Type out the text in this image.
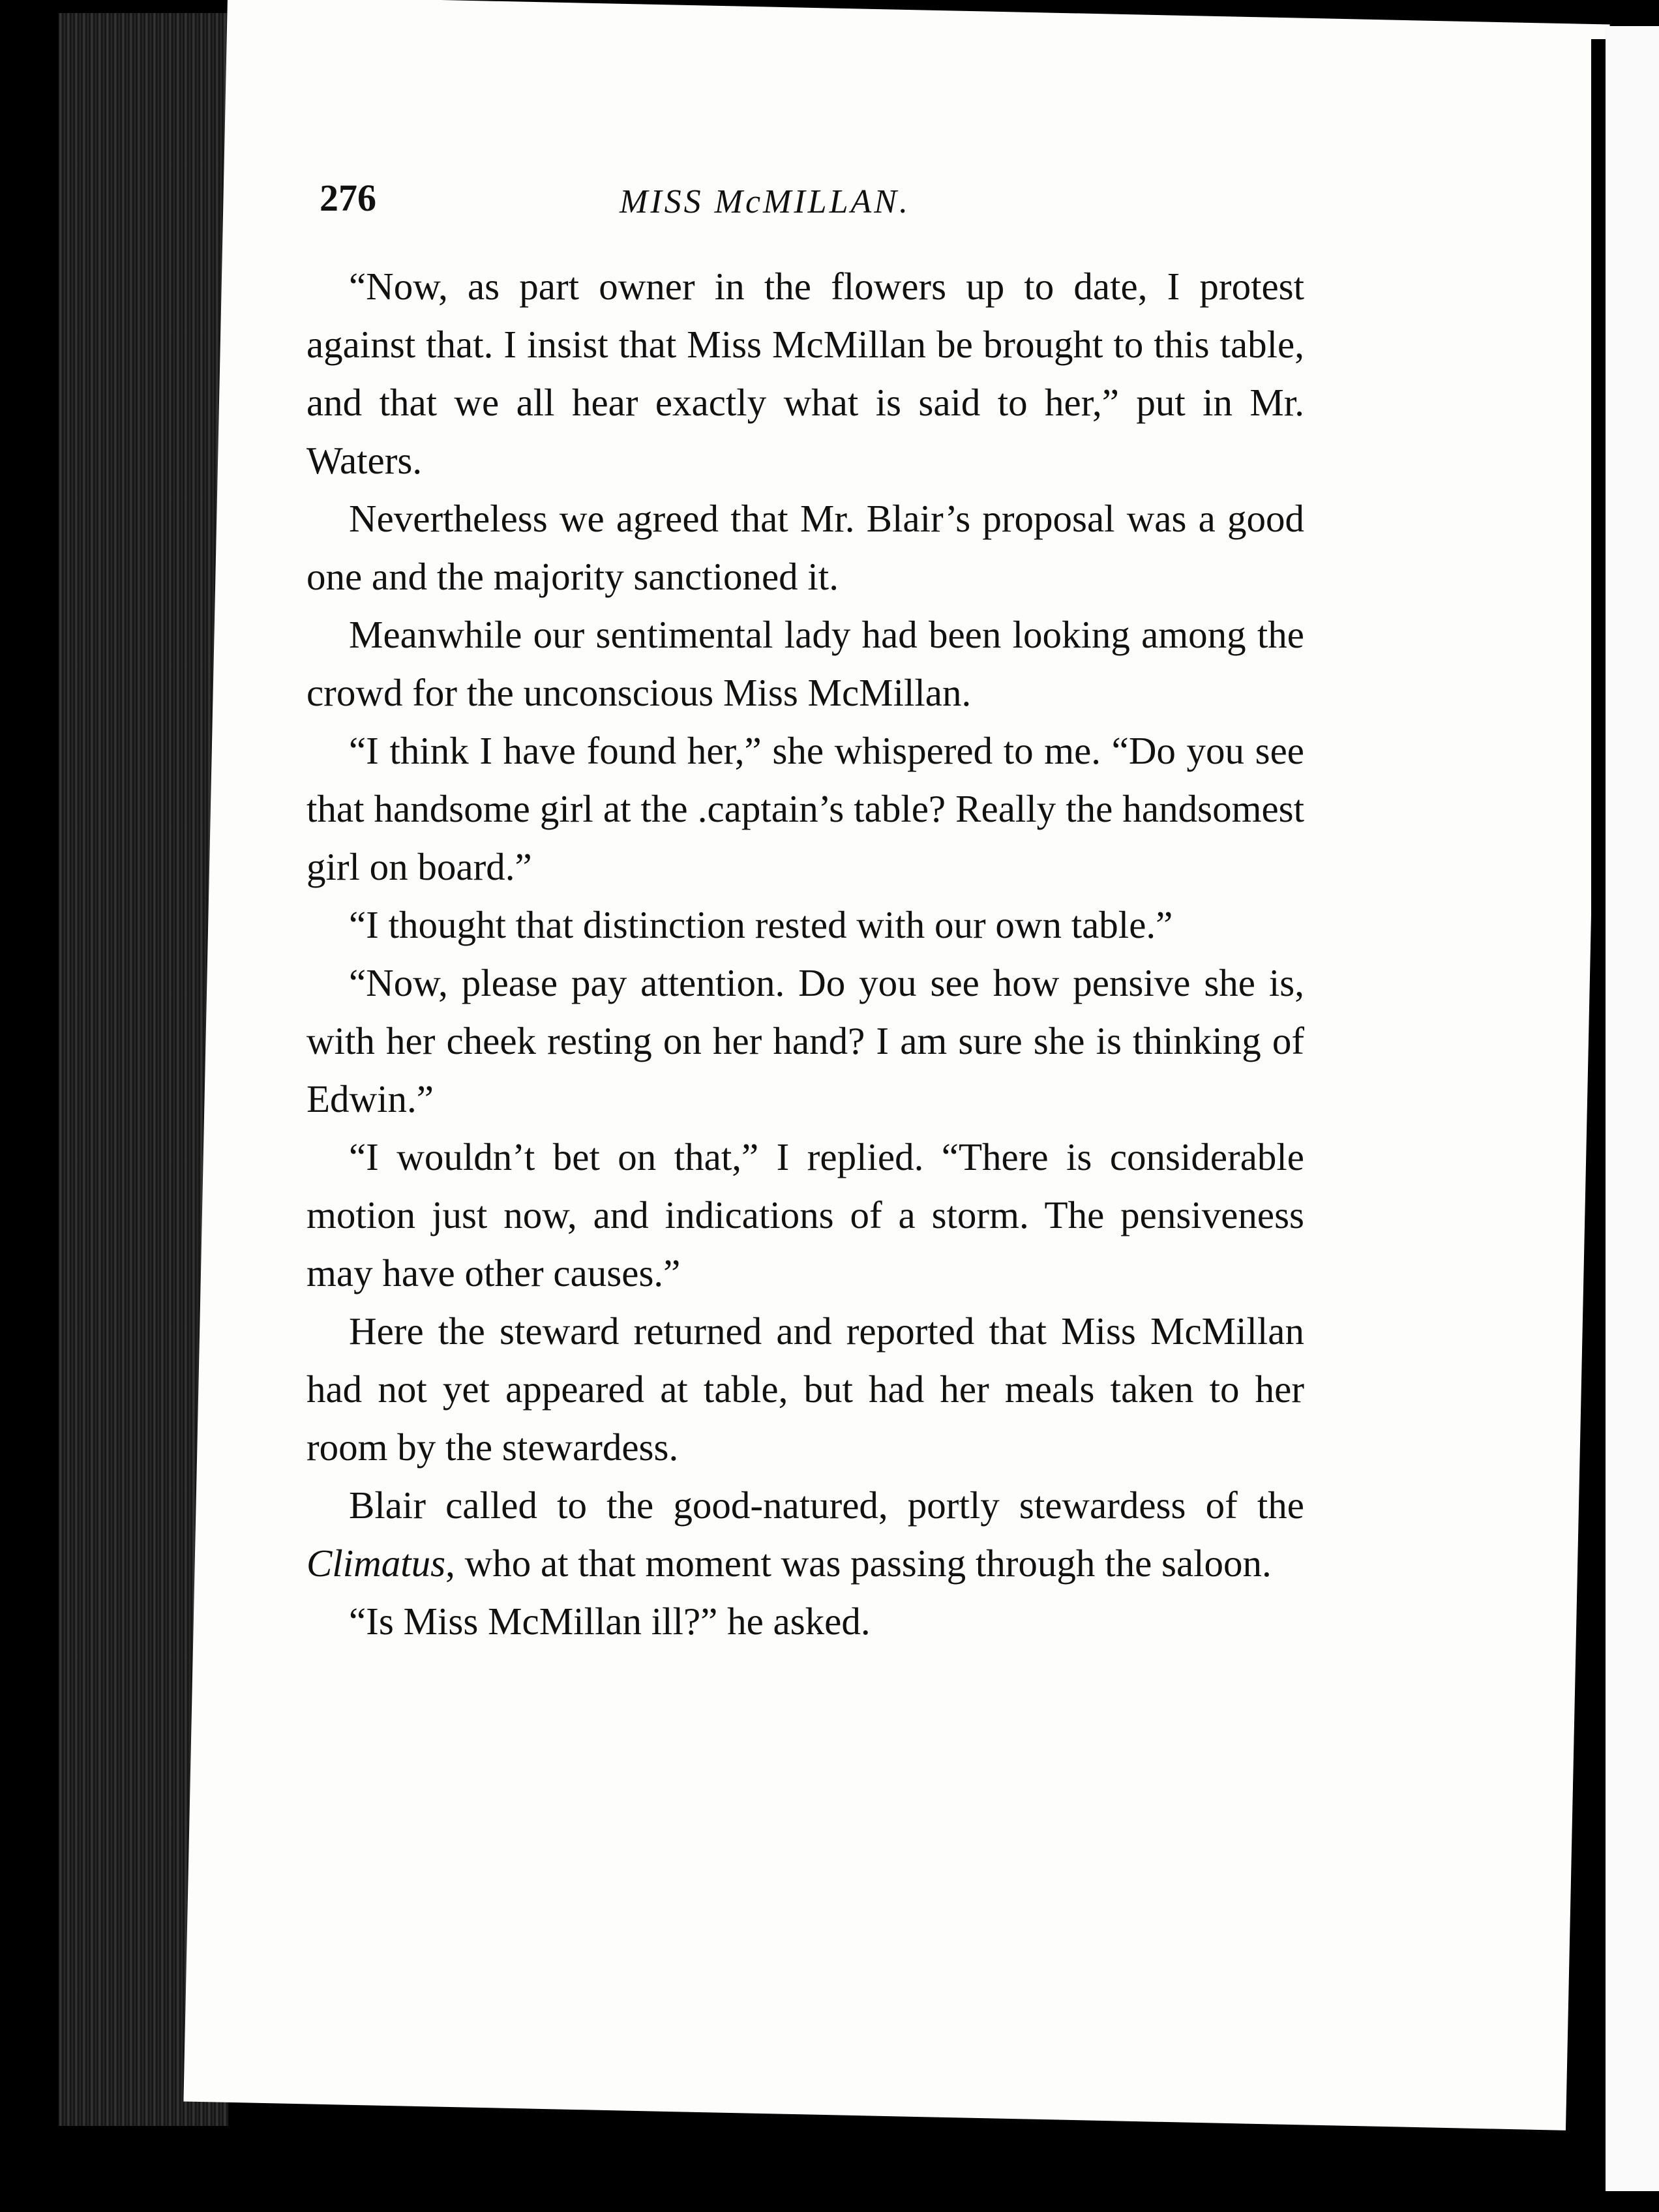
276	MISS McMILLAN.

“Now, as part owner in the flowers up to date, I protest against that. I insist that Miss McMillan be brought to this table, and that we all hear exactly what is said to her,” put in Mr. Waters.

Nevertheless we agreed that Mr. Blair’s proposal was a good one and the majority sanctioned it.

Meanwhile our sentimental lady had been looking among the crowd for the unconscious Miss McMillan.

“I think I have found her,” she whispered to me. “Do you see that handsome girl at the .captain’s table? Really the handsomest girl on board.”

“I thought that distinction rested with our own table.”

“Now, please pay attention. Do you see how pensive she is, with her cheek resting on her hand? I am sure she is thinking of Edwin.”

“I wouldn’t bet on that,” I replied. “There is considerable motion just now, and indications of a storm. The pensiveness may have other causes.”

Here the steward returned and reported that Miss McMillan had not yet appeared at table, but had her meals taken to her room by the stewardess.

Blair called to the good-natured, portly stewardess of the Climatus, who at that moment was passing through the saloon.

“Is Miss McMillan ill?” he asked.
